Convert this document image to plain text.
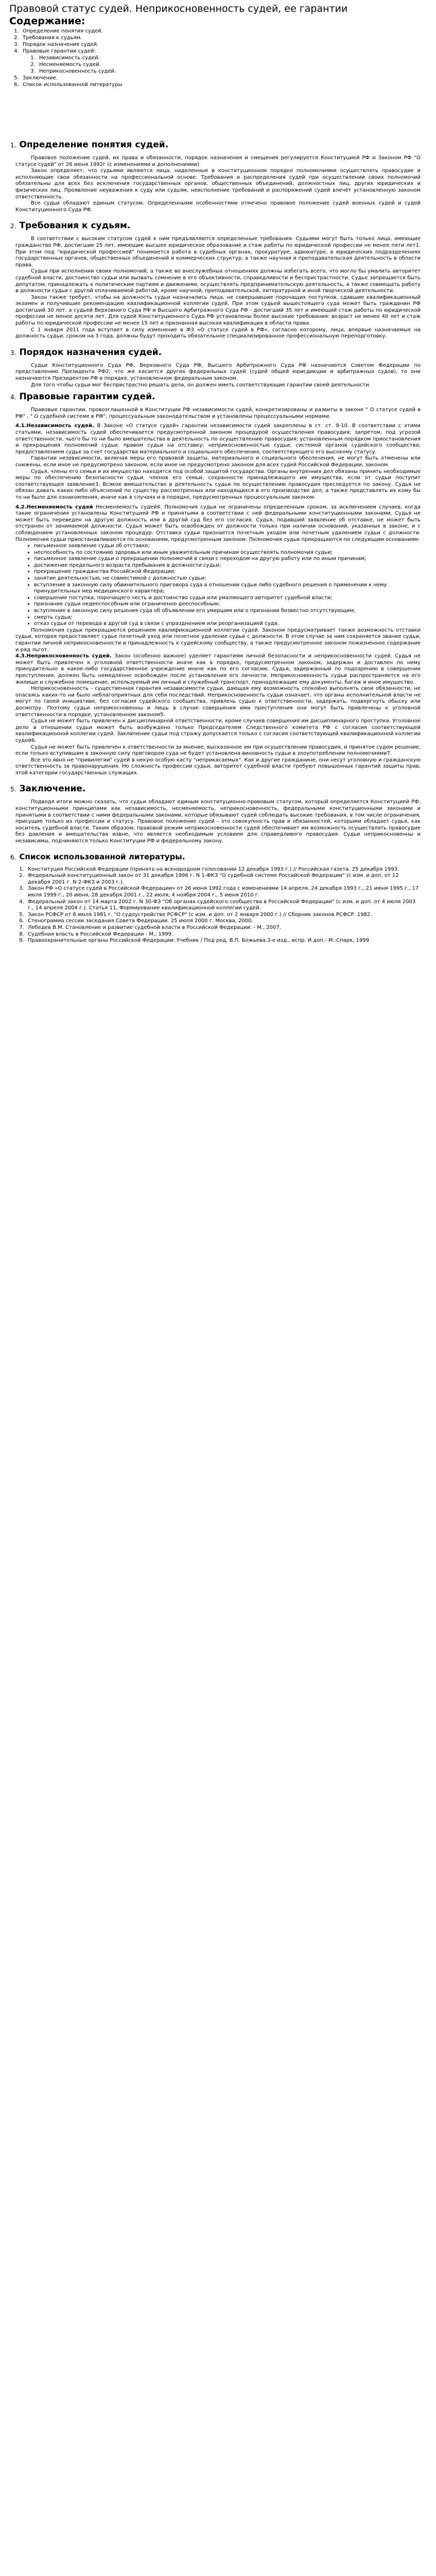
Правовой статус судей. Неприкосновенность судей, ее гарантии
Содержание:
1. Определение понятия судей.
2. Требования к судьям.
3. Порядок назначения судей.
4. Правовые гарантии судей:
1. Независимость судей.
2. Несменяемость судей.
3. Неприкосновенность судей.
5. Заключение.
6. Список использованной литературы
1. Определение понятия судей.

Правовое положение судей, их права и обязанности, порядок назначения и смещения регулируется Конституцией РФ и Законом РФ "О статусе судей" от 26 июня 1992г (с изменениями и дополнениями).

Закон определяет, что судьями являются лица, наделенные в конституционном порядке полномочиями осуществлять правосудие и исполняющие свои обязанности на профессиональной основе. Требования и распределения судей при осуществлении своих полномочий обязательны для всех без исключения государственных органов, общественных объединений, должностных лиц, других юридических и физических лиц. Проявление неуважения к суду или судьям, неисполнение требований и распоряжений судей влечёт установленную законом ответственность.

Все судьи обладают единым статусом. Определенными особенностями отмечено правовое положение судей военных судей и судей Конституционного Суда РФ.

2. Требования к судьям.

В соответствии с высоким статусом судей к ним предъявляются определенные требования. Судьями могут быть только лица, имеющие гражданство РФ, достигшие 25 лет, имеющие высшее юридическое образование и стаж работы по юридической профессии не менее пяти лет1. При этом под "юридической профессией" понимается работа в судебных органах, прокуратуре, адвокатуре, в юридических подразделениях государственных органов, общественных объединений и коммерческих структур, а также научная и преподавательская деятельность в области права.

Судьи при исполнении своих полномочий, а также во внеслужебных отношениях должны избегать всего, что могло бы умалить авторитет судебной власти, достоинство судьи или вызвать сомнение в его объективности, справедливости и беспристрастности. Судье запрещается быть депутатом, принадлежать к политическим партиям и движениям, осуществлять предпринимательскую деятельность, а также совмещать работу в должности судьи с другой оплачиваемой работой, кроме научной, преподавательской, литературной и иной творческой деятельности.

Закон также требует, чтобы на должность судьи назначались лица, не совершавшие порочащих поступков, сдавшие квалификационный экзамен и получившие рекомендацию квалификационной коллегии судей. При этом судьей вышестоящего суда может быть гражданин РФ достигший 30 лет, а судьей Верховного Суда РФ и Высшего Арбитражного Суда РФ - достигший 35 лет и имеющий стаж работы по юридической профессии не менее десяти лет. Для судей Конституционного Суда РФ установлены более высокие требования: возраст не менее 40 лет и стаж работы по юридической профессии не менее 15 лет и признанная высокая квалификация в области права.

С 1 января 2011 года вступает в силу изменение в ФЗ «О статусе судей в РФ», согласно которому, лица, впервые назначаемые на должность судьи, сроком на 3 года, должны будут проходить обязательное специализированное профессиональную переподготовку.

3. Порядок назначения судей.

Судьи Конституционного Суда РФ, Верховного Суда РФ, Высшего Арбитражного Суда РФ назначаются Советом Федерации по представлению Президента РФ2; что же касается других федеральных судей (судей общей юрисдикции и арбитражных судов), то они назначаются Президентом РФ в порядке, установленном федеральным законом.

Для того чтобы судьи мог беспристрастно решать дела, он должен иметь соответствующие гарантии своей деятельности.

4. Правовые гарантии судей.

Правовые гарантии, провозглашенной в Конституции РФ независимости судей, конкретизированы и развиты в законе " О статусе судей в РФ" , " О судебной системе в РФ", процессуальным законодательством и установлены процессуальными нормами.

4.1.Независимость судей. В Законе «О статусе судей» гарантии независимости судей закреплены в ст. ст. 9-10. В соответствии с этими статьями, независимость судей обеспечивается предусмотренной законом процедурой осуществления правосудия; запретом, под угрозой ответственности, чьего бы то ни было вмешательства в деятельность по осуществлению правосудия; установленным порядком приостановления и прекращения полномочий судьи; правом судьи на отставку; неприкосновенностью судьи; системой органов судейского сообщества; предоставлением судье за счет государства материального и социального обеспечения, соответствующего его высокому статусу.

Гарантии независимости, включая меры его правовой защиты, материального и социального обеспечения, не могут быть отменены или снижены, если иное не предусмотрено законом, если иное не предусмотрено законом для всех судей Российской Федерации, законом.

Судья, члены его семьи и их имущество находятся под особой защитой государства. Органы внутренних дел обязаны принять необходимые меры по обеспечению безопасности судьи, членов его семьи, сохранности принадлежащего им имущества, если от судьи поступит соответствующее заявление3. Всякое вмешательство в деятельность судьи по осуществлению правосудия преследуется по закону. Судья не обязан давать каких-либо объяснений по существу рассмотренных или находящихся в его производстве дел, а также представлять их кому бы то ни было для ознакомления, иначе как в случаях и в порядке, предусмотренных процессуальным законом.

4.2.Несменяемость судей Несменяемость судей4. Полномочия судьи не ограничены определенным сроком, за исключением случаев, когда такие ограничения установлены Конституцией РФ и принятыми в соответствии с ней федеральными конституционными законами. Судья не может быть переведен на другую должность или в другой суд без его согласия. Судья, подавший заявление об отставке, не может быть отстранен от занимаемой должности. Судья может быть освобожден от должности только при наличии оснований, указанных в законе, и с соблюдением установленных законом процедур. Отставка судьи признается почетным уходом или почетным удалением судьи с должности. Полномочия судьи приостанавливаются по основаниям, предусмотренным законом. Полномочия судьи прекращаются по следующим основаниям:

• письменное заявление судьи об отставке;
• неспособность по состоянию здоровья или иным уважительным причинам осуществлять полномочия судьи;
• письменное заявление судьи о прекращении полномочий в связи с переходом на другую работу или по иным причинам;
• достижение предельного возраста пребывания в должности судьи;
• прекращение гражданства Российской Федерации;
• занятие деятельностью, не совместимой с должностью судьи;
• вступление в законную силу обвинительного приговора суда в отношении судьи либо судебного решения о применении к нему принудительных мер медицинского характера;
• совершение поступка, порочащего честь и достоинство судьи или умаляющего авторитет судебной власти;
• признание судьи недееспособным или ограниченно дееспособным;
• вступление в законную силу решения суда об объявлении его умершим или о признании безвестно отсутствующим;
• смерть судьи;
• отказ судьи от перевода в другой суд в связи с упразднением или реорганизацией суда.

Полномочия судьи прекращаются решением квалификационной коллегии судей. Законом предусматривает также возможность отставки судьи, которая предоставляет судье почетный уход или почетное удаление судьи с должности. В этом случае за ним сохраняется звание судьи, гарантии личной неприкосновенности и принадлежность к судейскому сообществу, а также предусмотренное законом пожизненное содержание и ряд льгот.

4.3.Неприкосновенность судей. Закон (особенно важное) уделяет гарантиям личной безопасности и неприкосновенности судей. Судья не может быть привлечен к уголовной ответственности иначе как в порядке, предусмотренном законом, задержан и доставлен по нему принудительно в какое-либо государственное учреждение иначе как по его согласию. Судья, задержанный по подозрению в совершении преступления, должен быть немедленно освобожден после установления его личности. Неприкосновенность судьи распространяется на его жилище и служебное помещение, используемый им личный и служебный транспорт, принадлежащие ему документы, багаж и иное имущество.

Неприкосновенность - существенная гарантия независимости судьи, дающая ему возможность спокойно выполнять свои обязанности, не опасаясь каких-то ни было неблагоприятных для себя последствий. Неприкосновенность судьи означает, что органы исполнительной власти не могут по своей инициативе, без согласия судейского сообщества, привлечь судью к ответственности, задержать, подвергнуть обыску или досмотру. Поэтому судьи неприкосновенны и лишь в случае совершения ими преступления они могут быть привлечены к уголовной ответственности в порядке, установленном законом5.

Судья не может быть привлечен к дисциплинарной ответственности, кроме случаев совершения им дисциплинарного проступка. Уголовное дело в отношении судьи может быть возбуждено только Председателем Следственного комитета РФ с согласия соответствующей квалификационной коллегии судей. Заключение судьи под стражу допускается только с согласия соответствующей квалификационной коллегии судей6.

Судья не может быть привлечен к ответственности за мнение, высказанное им при осуществлении правосудия, и принятое судом решение, если только вступившим в законную силу приговором суда не будет установлена виновность судьи в злоупотреблении полномочиями7.

Все это явно не "привилегии" судей в некую особую касту "неприкасаемых". Как и другие гражданине, они несут уголовную и гражданскую ответственность за правонарушения. Но сложность профессии судьи, авторитет судебной власти требуют повышенных гарантий защиты прав, этой категории государственных служащих.

5. Заключение.

Подводя итоги можно сказать, что судьи обладают единым конституционно-правовым статусом, который определяется Конституцией РФ, конституционными принципами как независимость, несменяемость, неприкосновенность, федеральными конституционными законами и принятыми в соответствии с ними федеральными законами, которые обязывают судей соблюдать высокие требования, в том числе ограничения, присущие только их профессии и статусу. Правовое положение судей - это совокупность прав и обязанностей, которыми обладает судья, как носитель судебной власти. Таким образом, правовой режим неприкосновенности судей обеспечивает им возможность осуществлять правосудие без давления и вмешательства извне, что является необходимым условием для справедливого правосудия. Судьи неприкосновенны и независимы, подчиняются только Конституции РФ и федеральному закону.

6. Список использованной литературы.
1. Конституция Российской Федерации (принята на всенародном голосовании 12 декабря 1993 г.) // Российская газета. 25 декабря 1993.
2. Федеральный конституционный закон от 31 декабря 1996 г. N 1-ФКЗ "О судебной системе Российской Федерации" (с изм. и доп. от 12 декабря 2001 г. N 2-ФКЗ и 2003 г.).
3. Закон РФ «О статусе судей в Российской Федерации» от 26 июня 1992 года с изменениями 14 апреля, 24 декабря 1993 г., 21 июня 1995 г., 17 июля 1999 г., 20 июня, 28 декабря 2001 г., 22 июля, 4 ноября 2004 г., 5 июня 2010 г.
4. Федеральный закон от 14 марта 2002 г. N 30-ФЗ "Об органах судейского сообщества в Российской Федерации" (с изм. и доп. от 4 июля 2003 г., 14 апреля 2004 г.). Статья 11, Формирование квалификационной коллегии судей.
5. Закон РСФСР от 8 июля 1981 г. "О судоустройстве РСФСР" (с изм. и доп. от 2 января 2000 г.) // Сборник законов РСФСР. 1982.
6. Стенограмма сессии заседания Совета Федерации. 25 июля 2000 г. Москва, 2000.
7. Лебедев В.М. Становление и развитие судебной власти в Российской Федерации. - М., 2007.
8. Судебная власть в Российской Федерации - М., 1999.
9. Правоохранительные органы Российской Федерации: Учебник / Под ред. В.П. Божьева.3-е изд., испр. И доп.- М.:Спарк, 1999
